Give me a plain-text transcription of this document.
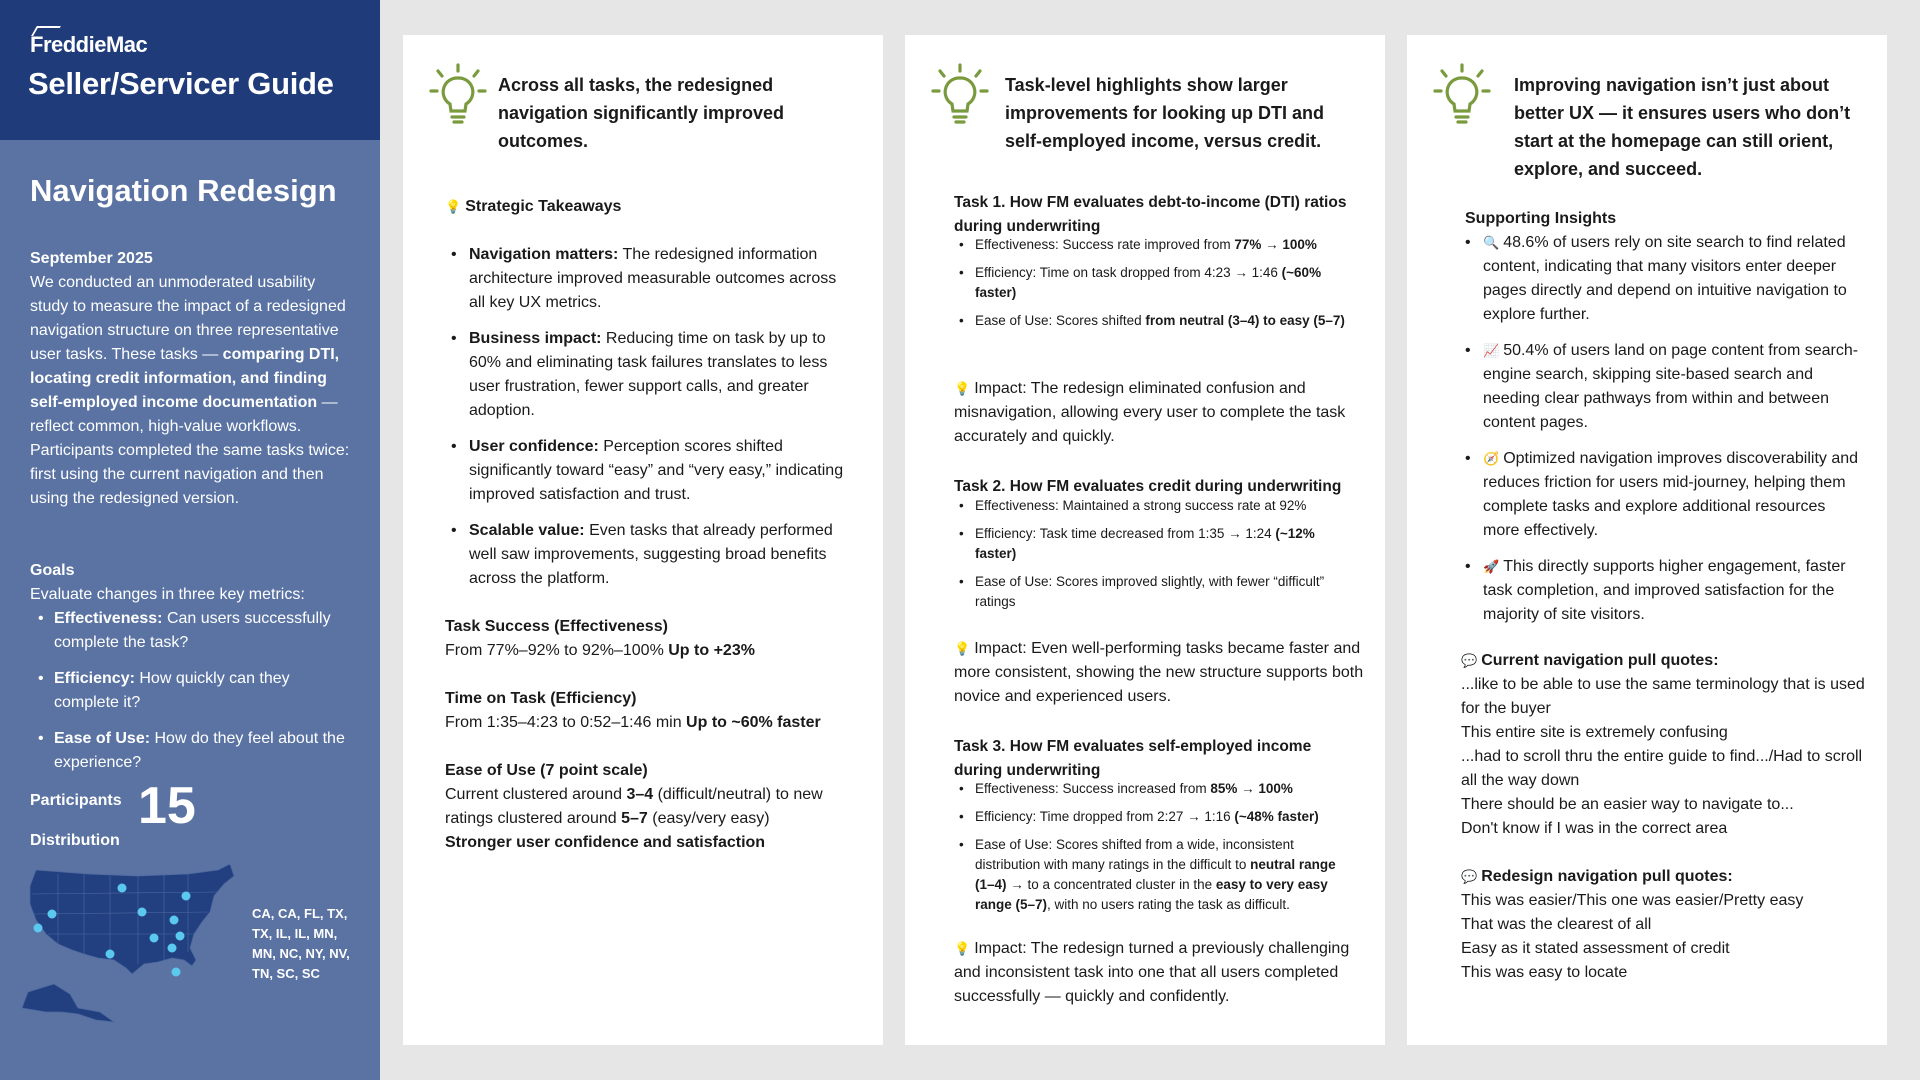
FreddieMac
Seller/Servicer Guide
Navigation Redesign
September 2025
We conducted an unmoderated usability study to measure the impact of a redesigned navigation structure on three representative user tasks. These tasks — comparing DTI, locating credit information, and finding self-employed income documentation — reflect common, high-value workflows. Participants completed the same tasks twice: first using the current navigation and then using the redesigned version.
Goals
Evaluate changes in three key metrics:
• Effectiveness: Can users successfully complete the task?
• Efficiency: How quickly can they complete it?
• Ease of Use: How do they feel about the experience?
Participants 15
Distribution
CA, CA, FL, TX, TX, IL, IL, MN, MN, NC, NY, NV, TN, SC, SC
Across all tasks, the redesigned navigation significantly improved outcomes.
💡 Strategic Takeaways
• Navigation matters: The redesigned information architecture improved measurable outcomes across all key UX metrics.
• Business impact: Reducing time on task by up to 60% and eliminating task failures translates to less user frustration, fewer support calls, and greater adoption.
• User confidence: Perception scores shifted significantly toward “easy” and “very easy,” indicating improved satisfaction and trust.
• Scalable value: Even tasks that already performed well saw improvements, suggesting broad benefits across the platform.
Task Success (Effectiveness)
From 77%–92% to 92%–100% Up to +23%
Time on Task (Efficiency)
From 1:35–4:23 to 0:52–1:46 min Up to ~60% faster
Ease of Use (7 point scale)
Current clustered around 3–4 (difficult/neutral) to new ratings clustered around 5–7 (easy/very easy)
Stronger user confidence and satisfaction
Task-level highlights show larger improvements for looking up DTI and self-employed income, versus credit.
Task 1. How FM evaluates debt-to-income (DTI) ratios during underwriting
• Effectiveness: Success rate improved from 77% → 100%
• Efficiency: Time on task dropped from 4:23 → 1:46 (~60% faster)
• Ease of Use: Scores shifted from neutral (3–4) to easy (5–7)
💡 Impact: The redesign eliminated confusion and misnavigation, allowing every user to complete the task accurately and quickly.
Task 2. How FM evaluates credit during underwriting
• Effectiveness: Maintained a strong success rate at 92%
• Efficiency: Task time decreased from 1:35 → 1:24 (~12% faster)
• Ease of Use: Scores improved slightly, with fewer “difficult” ratings
💡 Impact: Even well-performing tasks became faster and more consistent, showing the new structure supports both novice and experienced users.
Task 3. How FM evaluates self-employed income during underwriting
• Effectiveness: Success increased from 85% → 100%
• Efficiency: Time dropped from 2:27 → 1:16 (~48% faster)
• Ease of Use: Scores shifted from a wide, inconsistent distribution with many ratings in the difficult to neutral range (1–4) → to a concentrated cluster in the easy to very easy range (5–7), with no users rating the task as difficult.
💡 Impact: The redesign turned a previously challenging and inconsistent task into one that all users completed successfully — quickly and confidently.
Improving navigation isn’t just about better UX — it ensures users who don’t start at the homepage can still orient, explore, and succeed.
Supporting Insights
• 🔍 48.6% of users rely on site search to find related content, indicating that many visitors enter deeper pages directly and depend on intuitive navigation to explore further.
• 📈 50.4% of users land on page content from search-engine search, skipping site-based search and needing clear pathways from within and between content pages.
• 🧭 Optimized navigation improves discoverability and reduces friction for users mid-journey, helping them complete tasks and explore additional resources more effectively.
• 🚀 This directly supports higher engagement, faster task completion, and improved satisfaction for the majority of site visitors.
💬 Current navigation pull quotes:
...like to be able to use the same terminology that is used for the buyer
This entire site is extremely confusing
...had to scroll thru the entire guide to find.../Had to scroll all the way down
There should be an easier way to navigate to...
Don't know if I was in the correct area
💬 Redesign navigation pull quotes:
This was easier/This one was easier/Pretty easy
That was the clearest of all
Easy as it stated assessment of credit
This was easy to locate
